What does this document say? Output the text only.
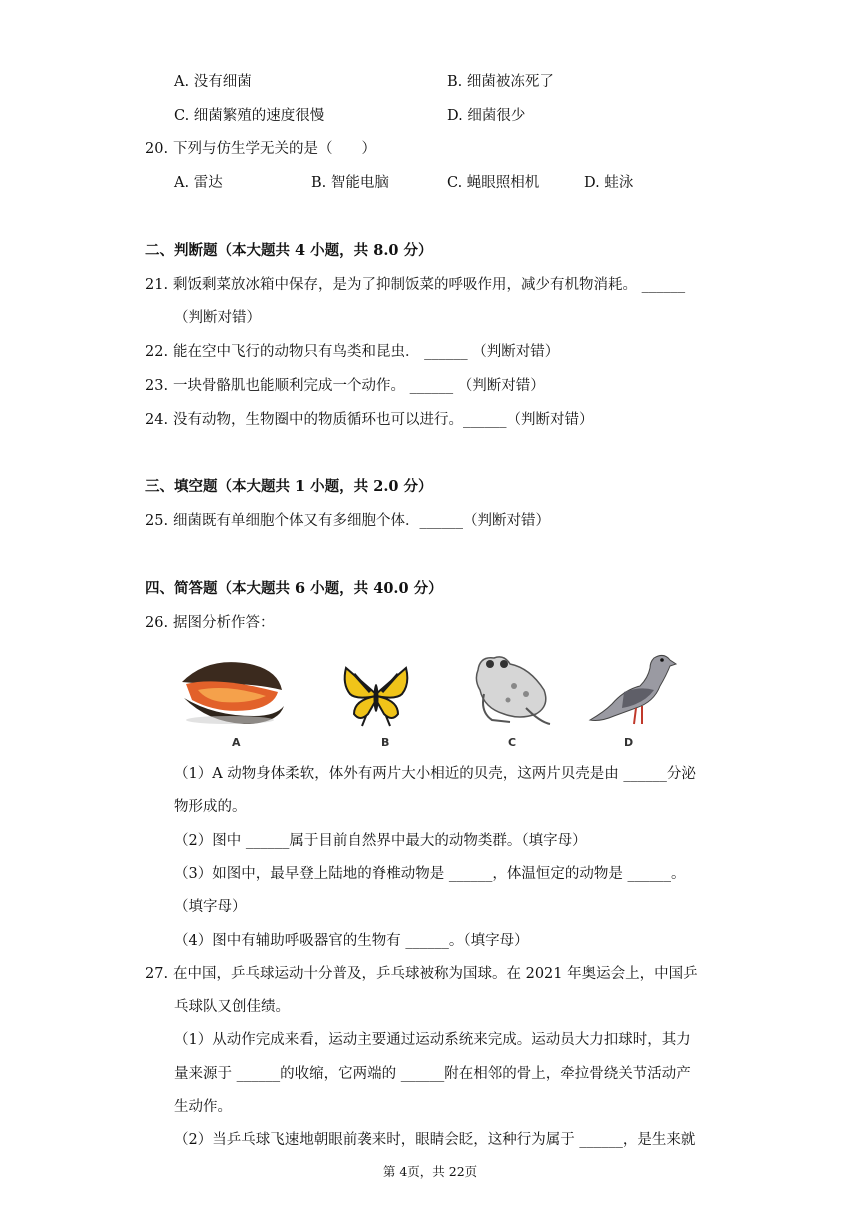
A. 没有细菌	B. 细菌被冻死了
C. 细菌繁殖的速度很慢	D. 细菌很少
20. 下列与仿生学无关的是（　　）
A. 雷达	B. 智能电脑	C. 蝇眼照相机	D. 蛙泳
二、判断题（本大题共 4 小题，共 8.0 分）
21. 剩饭剩菜放冰箱中保存，是为了抑制饭菜的呼吸作用，减少有机物消耗。 ______
（判断对错）
22. 能在空中飞行的动物只有鸟类和昆虫． ______ （判断对错）
23. 一块骨骼肌也能顺利完成一个动作。 ______ （判断对错）
24. 没有动物，生物圈中的物质循环也可以进行。______（判断对错）
三、填空题（本大题共 1 小题，共 2.0 分）
25. 细菌既有单细胞个体又有多细胞个体．______（判断对错）
四、简答题（本大题共 6 小题，共 40.0 分）
26. 据图分析作答：
A	B	C	D
（1）A 动物身体柔软，体外有两片大小相近的贝壳，这两片贝壳是由 ______分泌
物形成的。
（2）图中 ______属于目前自然界中最大的动物类群。（填字母）
（3）如图中，最早登上陆地的脊椎动物是 ______，体温恒定的动物是 ______。
（填字母）
（4）图中有辅助呼吸器官的生物有 ______。（填字母）
27. 在中国，乒乓球运动十分普及，乒乓球被称为国球。在 2021 年奥运会上，中国乒
乓球队又创佳绩。
（1）从动作完成来看，运动主要通过运动系统来完成。运动员大力扣球时，其力
量来源于 ______的收缩，它两端的 ______附在相邻的骨上，牵拉骨绕关节活动产
生动作。
（2）当乒乓球飞速地朝眼前袭来时，眼睛会眨，这种行为属于 ______，是生来就
第 4页，共 22页
